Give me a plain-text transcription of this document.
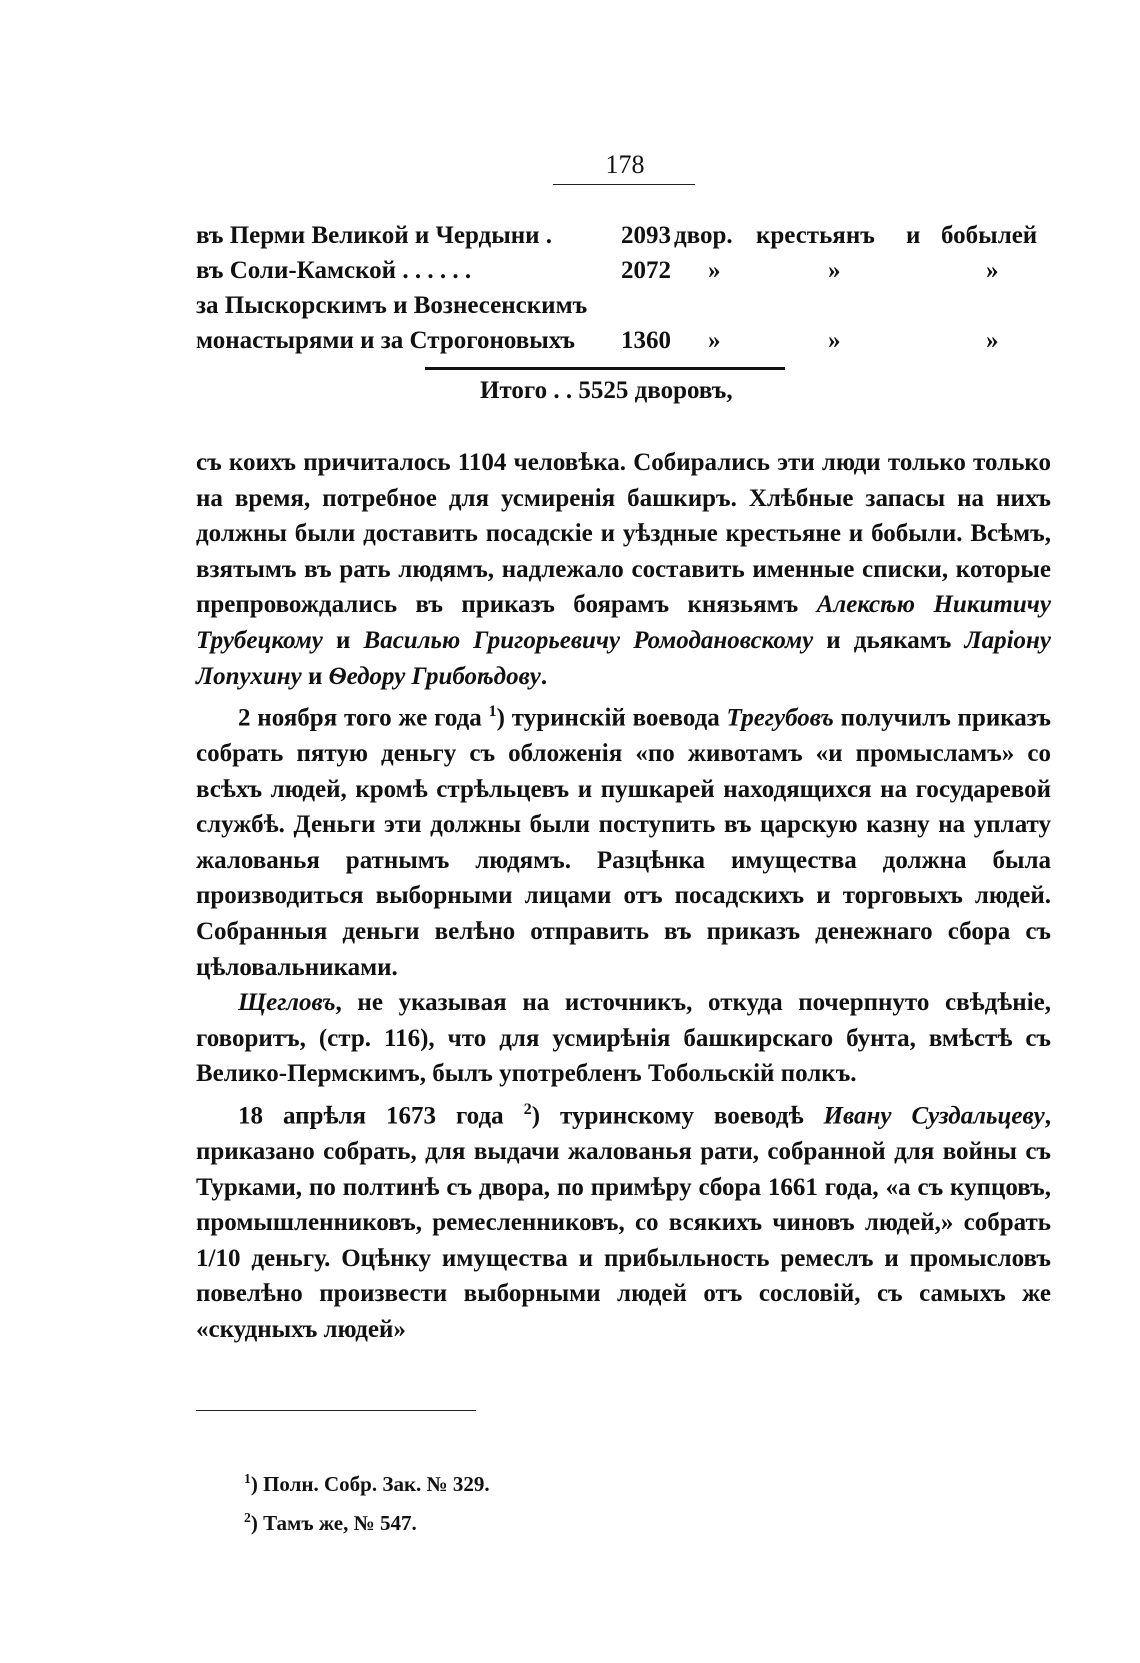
178
въ Перми Великой и Чердыни .	2093 двор. крестьянъ и бобылей
въ Соли-Камской . . . . . .	2072 »	»	»
за Пыскорскимъ и Вознесенскимъ
монастырями и за Строгоновыхъ 1360 »	»	»
Итого . . 5525 дворовъ,

съ коихъ причиталось 1104 человѣка. Собирались эти люди только только на время, потребное для усмиренія башкиръ. Хлѣбные запасы на нихъ должны были доставить посадскіе и уѣздные крестьяне и бобыли. Всѣмъ, взятымъ въ рать людямъ, надлежало составить именные списки, которые препровождались въ приказъ боярамъ князьямъ Алексѣю Никитичу Трубецкому и Василью Григорьевичу Ромодановскому и дьякамъ Ларіону Лопухину и Ѳедору Грибоѣдову.

2 ноября того же года $^1$) туринскій воевода Трегубовъ получилъ приказъ собрать пятую деньгу съ обложенія «по животамъ «и промысламъ» со всѣхъ людей, кромѣ стрѣльцевъ и пушкарей находящихся на государевой службѣ. Деньги эти должны были поступить въ царскую казну на уплату жалованья ратнымъ людямъ. Разцѣнка имущества должна была производиться выборными лицами отъ посадскихъ и торговыхъ людей. Собранныя деньги велѣно отправить въ приказъ денежнаго сбора съ цѣловальниками.

Щегловъ, не указывая на источникъ, откуда почерпнуто свѣдѣніе, говоритъ, (стр. 116), что для усмирѣнія башкирскаго бунта, вмѣстѣ съ Велико-Пермскимъ, былъ употребленъ Тобольскій полкъ.

18 апрѣля 1673 года $^2$) туринскому воеводѣ Ивану Суздальцеву, приказано собрать, для выдачи жалованья рати, собранной для войны съ Турками, по полтинѣ съ двора, по примѣру сбора 1661 года, «а съ купцовъ, промышленниковъ, ремесленниковъ, со всякихъ чиновъ людей,» собрать 1/10 деньгу. Оцѣнку имущества и прибыльность ремеслъ и промысловъ повелѣно произвести выборными людей отъ сословій, съ самыхъ же «скудныхъ людей»

$^1$) Полн. Собр. Зак. № 329.
$^2$) Тамъ же, № 547.
